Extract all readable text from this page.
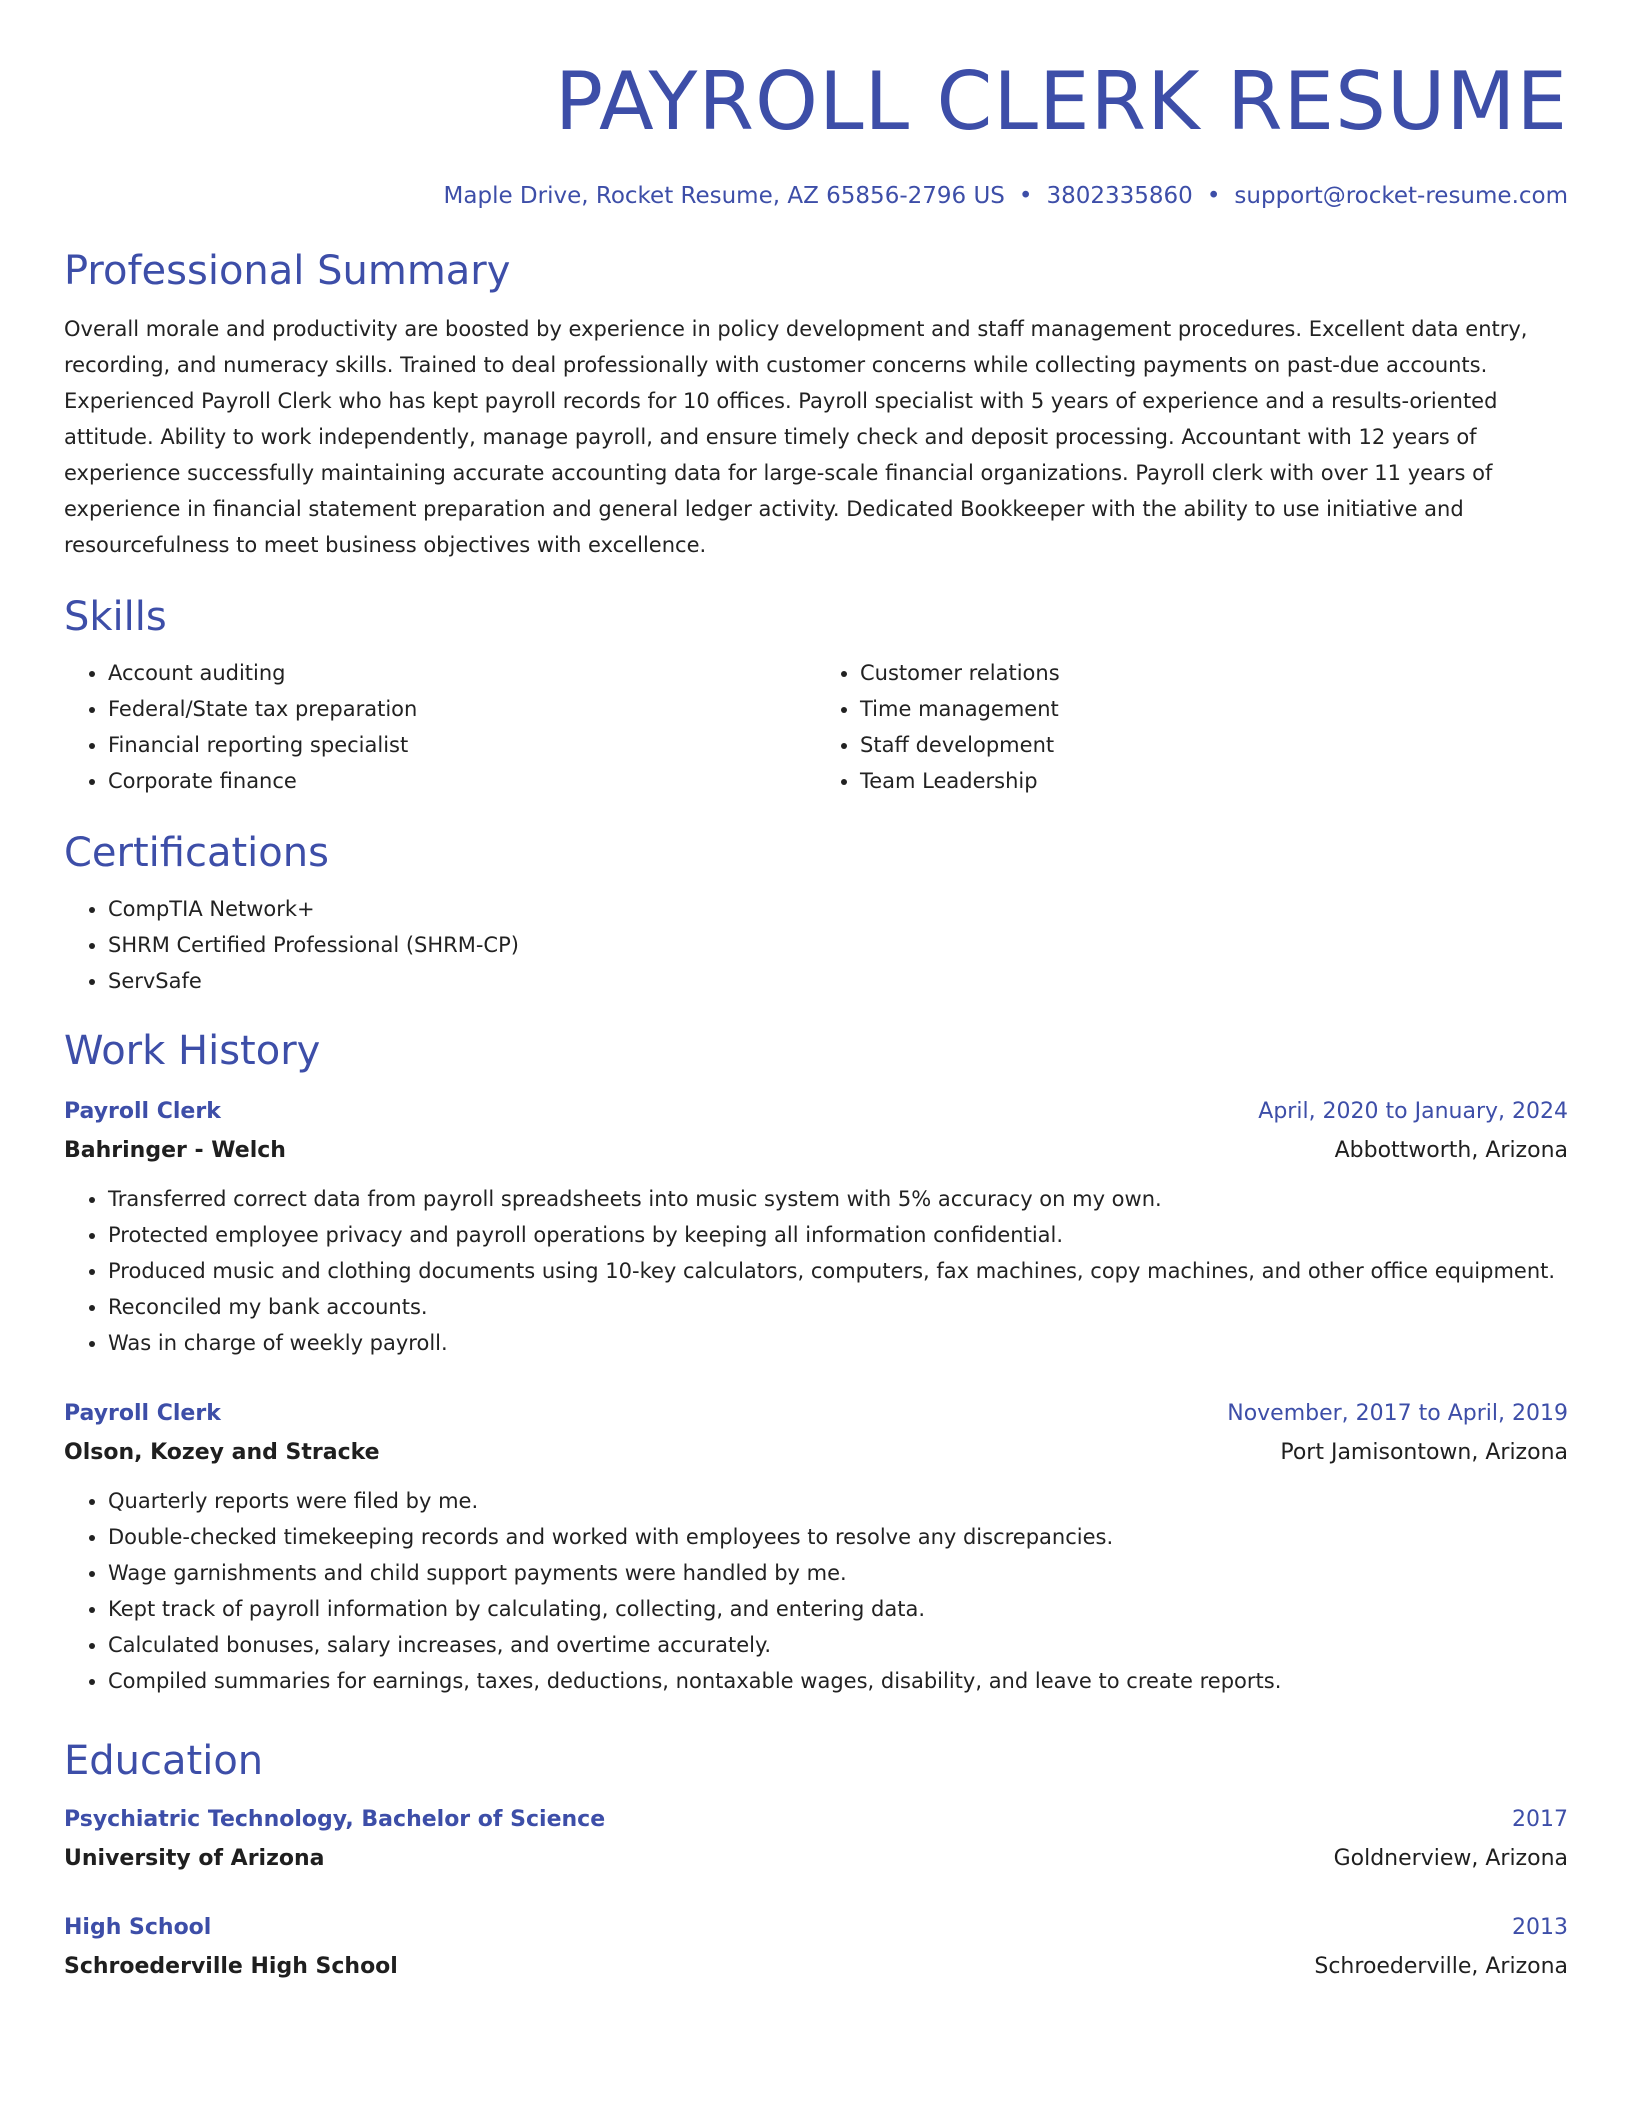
PAYROLL CLERK RESUME
Maple Drive, Rocket Resume, AZ 65856-2796 US • 3802335860 • support@rocket-resume.com
Professional Summary

Overall morale and productivity are boosted by experience in policy development and staff management procedures. Excellent data entry, recording, and numeracy skills. Trained to deal professionally with customer concerns while collecting payments on past-due accounts. Experienced Payroll Clerk who has kept payroll records for 10 offices. Payroll specialist with 5 years of experience and a results-oriented attitude. Ability to work independently, manage payroll, and ensure timely check and deposit processing. Accountant with 12 years of experience successfully maintaining accurate accounting data for large-scale financial organizations. Payroll clerk with over 11 years of experience in financial statement preparation and general ledger activity. Dedicated Bookkeeper with the ability to use initiative and resourcefulness to meet business objectives with excellence.

Skills
• Account auditing
• Federal/State tax preparation
• Financial reporting specialist
• Corporate finance
• Customer relations
• Time management
• Staff development
• Team Leadership
Certifications
• CompTIA Network+
• SHRM Certified Professional (SHRM-CP)
• ServSafe
Work History
Payroll Clerk	April, 2020 to January, 2024
Bahringer - Welch	Abbottworth, Arizona
• Transferred correct data from payroll spreadsheets into music system with 5% accuracy on my own.
• Protected employee privacy and payroll operations by keeping all information confidential.
• Produced music and clothing documents using 10-key calculators, computers, fax machines, copy machines, and other office equipment.
• Reconciled my bank accounts.
• Was in charge of weekly payroll.
Payroll Clerk	November, 2017 to April, 2019
Olson, Kozey and Stracke	Port Jamisontown, Arizona
• Quarterly reports were filed by me.
• Double-checked timekeeping records and worked with employees to resolve any discrepancies.
• Wage garnishments and child support payments were handled by me.
• Kept track of payroll information by calculating, collecting, and entering data.
• Calculated bonuses, salary increases, and overtime accurately.
• Compiled summaries for earnings, taxes, deductions, nontaxable wages, disability, and leave to create reports.
Education
Psychiatric Technology, Bachelor of Science	2017
University of Arizona	Goldnerview, Arizona
High School	2013
Schroederville High School	Schroederville, Arizona
